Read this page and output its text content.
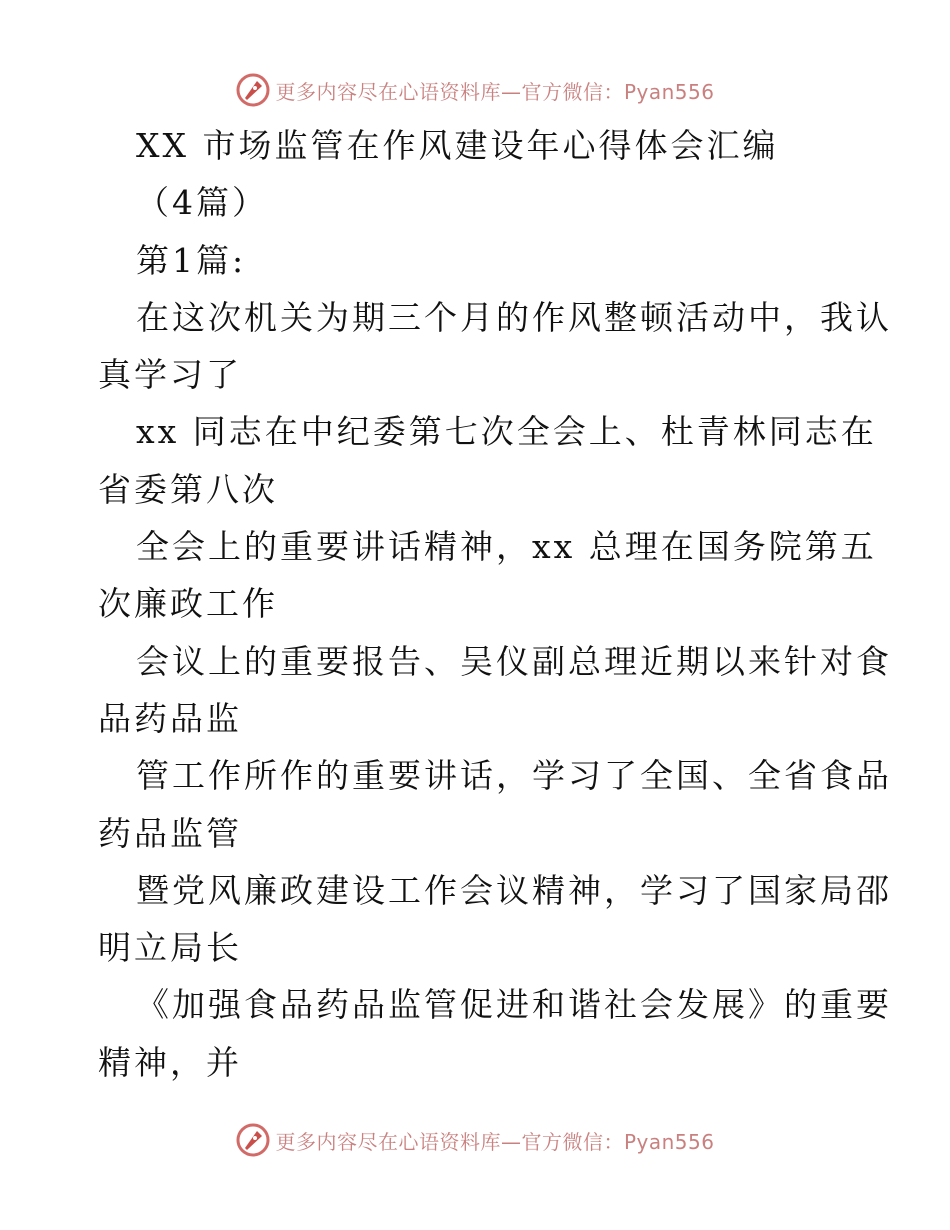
更多内容尽在心语资料库—官方微信：Pyan556
XX 市场监管在作风建设年心得体会汇编
（4篇）
第1篇:
在这次机关为期三个月的作风整顿活动中，我认
真学习了
xx 同志在中纪委第七次全会上、杜青林同志在
省委第八次
全会上的重要讲话精神，xx 总理在国务院第五
次廉政工作
会议上的重要报告、吴仪副总理近期以来针对食
品药品监
管工作所作的重要讲话，学习了全国、全省食品
药品监管
暨党风廉政建设工作会议精神，学习了国家局邵
明立局长
《加强食品药品监管促进和谐社会发展》的重要
精神，并
更多内容尽在心语资料库—官方微信：Pyan556
